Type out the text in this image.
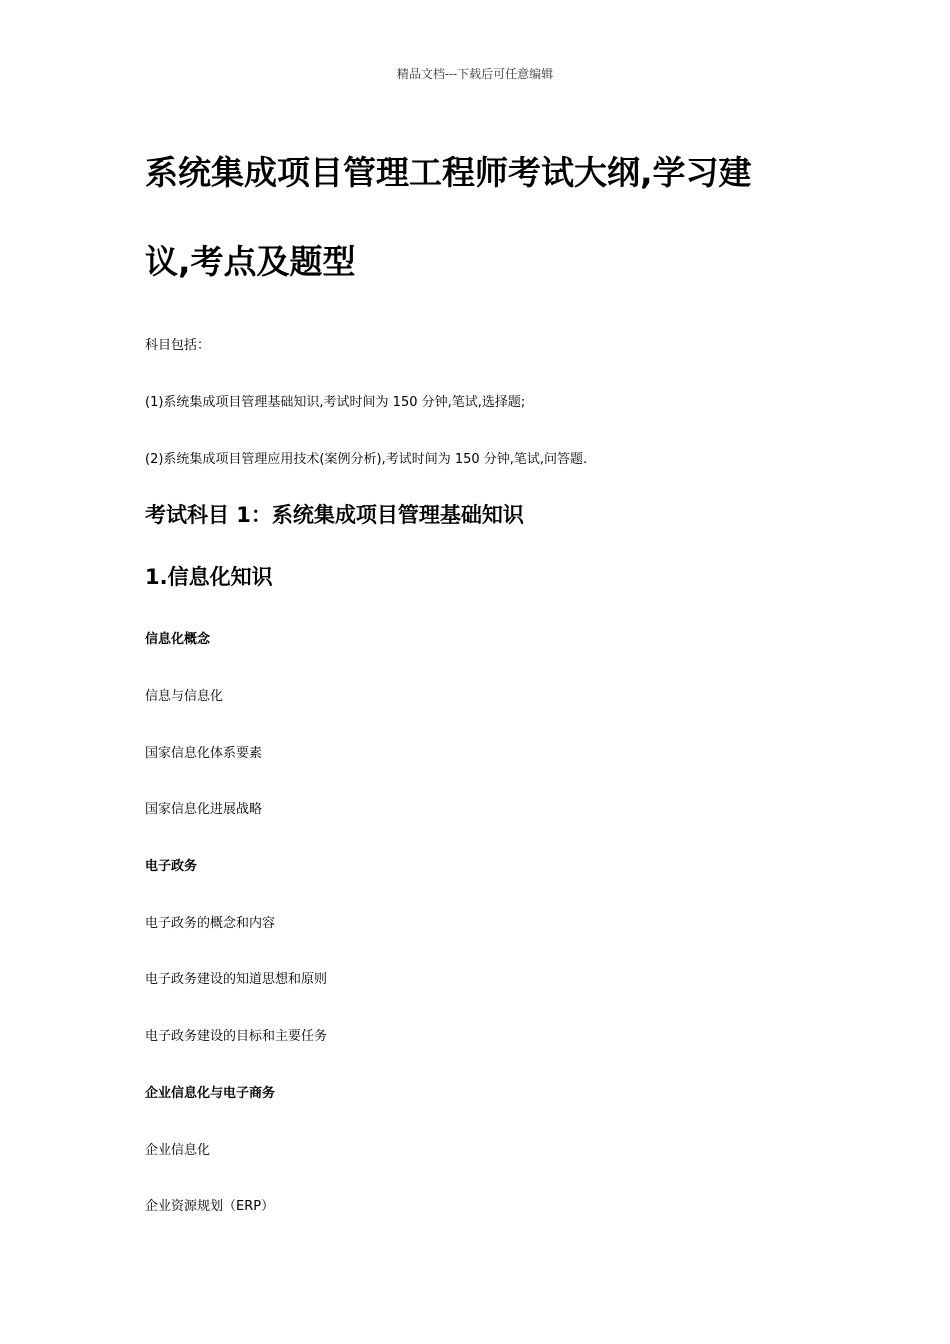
精品文档---下载后可任意编辑
系统集成项目管理工程师考试大纲,学习建
议,考点及题型
科目包括：
(1)系统集成项目管理基础知识,考试时间为 150 分钟,笔试,选择题;
(2)系统集成项目管理应用技术(案例分析),考试时间为 150 分钟,笔试,问答题.
考试科目 1：系统集成项目管理基础知识
1.信息化知识
信息化概念
信息与信息化
国家信息化体系要素
国家信息化进展战略
电子政务
电子政务的概念和内容
电子政务建设的知道思想和原则
电子政务建设的目标和主要任务
企业信息化与电子商务
企业信息化
企业资源规划（ERP）
